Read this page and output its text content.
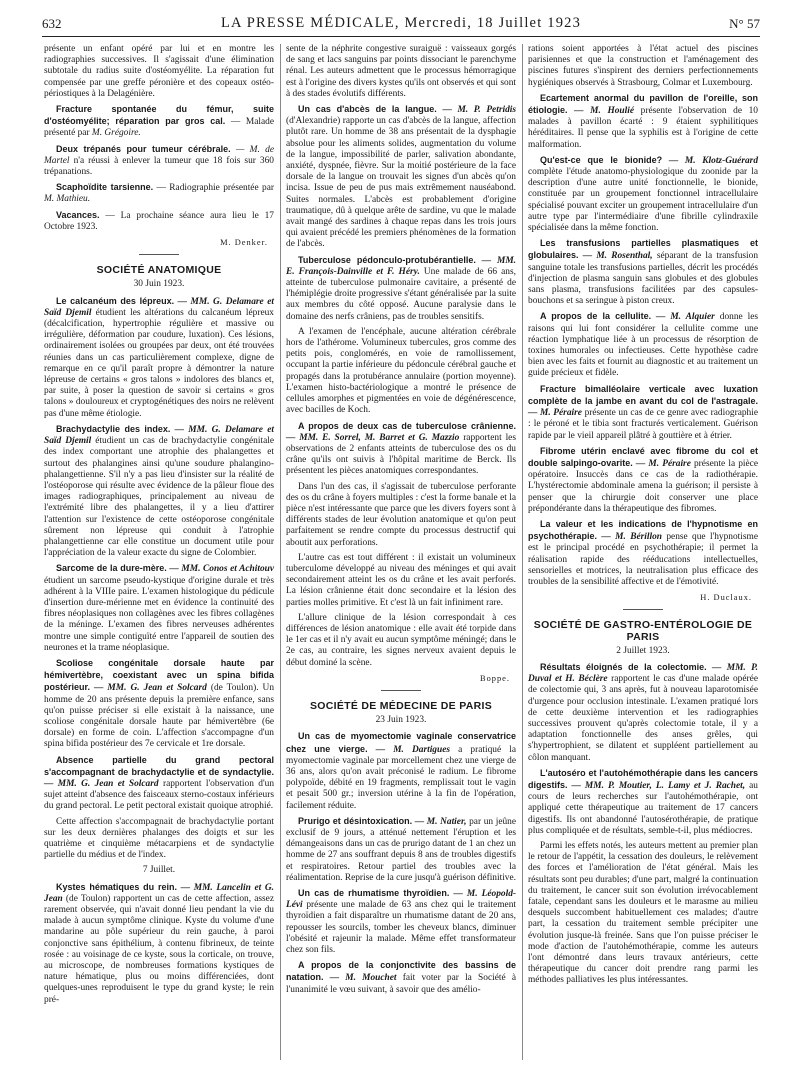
632	LA PRESSE MÉDICALE, Mercredi, 18 Juillet 1923	N° 57

présente un enfant opéré par lui et en montre les radiographies successives. Il s'agissait d'une élimination subtotale du radius suite d'ostéomyélite. La réparation fut compensée par une greffe péronière et des copeaux ostéo-périostiques à la Delagénière.

Fracture spontanée du fémur, suite d'ostéomyélite; réparation par gros cal. — Malade présenté par M. Grégoire.

Deux trépanés pour tumeur cérébrale. — M. de Martel n'a réussi à enlever la tumeur que 18 fois sur 360 trépanations.

Scaphoïdite tarsienne. — Radiographie présentée par M. Mathieu.

Vacances. — La prochaine séance aura lieu le 17 Octobre 1923.

M. Denker.
SOCIÉTÉ ANATOMIQUE
30 Juin 1923.

Le calcanéum des lépreux. — MM. G. Delamare et Saïd Djemil étudient les altérations du calcanéum lépreux (décalcification, hypertrophie régulière et massive ou irrégulière, déformation par coudure, luxation). Ces lésions, ordinairement isolées ou groupées par deux, ont été trouvées réunies dans un cas particulièrement complexe, digne de remarque en ce qu'il paraît propre à démontrer la nature lépreuse de certains « gros talons » indolores des blancs et, par suite, à poser la question de savoir si certains « gros talons » douloureux et cryptogénétiques des noirs ne relèvent pas d'une même étiologie.

Brachydactylie des index. — MM. G. Delamare et Saïd Djemil étudient un cas de brachydactylie congénitale des index comportant une atrophie des phalangettes et surtout des phalangines ainsi qu'une soudure phalangino-phalangettienne. S'il n'y a pas lieu d'insister sur la réalité de l'ostéoporose qui résulte avec évidence de la pâleur floue des images radiographiques, principalement au niveau de l'extrémité libre des phalangettes, il y a lieu d'attirer l'attention sur l'existence de cette ostéoporose congénitale sûrement non lépreuse qui conduit à l'atrophie phalangettienne car elle constitue un document utile pour l'appréciation de la valeur exacte du signe de Colombier.

Sarcome de la dure-mère. — MM. Conos et Achitouv étudient un sarcome pseudo-kystique d'origine durale et très adhérent à la VIIIe paire. L'examen histologique du pédicule d'insertion dure-mérienne met en évidence la continuité des fibres néoplasiques non collagènes avec les fibres collagènes de la méninge. L'examen des fibres nerveuses adhérentes montre une simple contiguïté entre l'appareil de soutien des neurones et la trame néoplasique.

Scoliose congénitale dorsale haute par hémivertèbre, coexistant avec un spina bifida postérieur. — MM. G. Jean et Solcard (de Toulon). Un homme de 20 ans présente depuis la première enfance, sans qu'on puisse préciser si elle existait à la naissance, une scoliose congénitale dorsale haute par hémivertèbre (6e dorsale) en forme de coin. L'affection s'accompagne d'un spina bifida postérieur des 7e cervicale et 1re dorsale.

Absence partielle du grand pectoral s'accompagnant de brachydactylie et de syndactylie. — MM. G. Jean et Solcard rapportent l'observation d'un sujet atteint d'absence des faisceaux sterno-costaux inférieurs du grand pectoral. Le petit pectoral existait quoique atrophié.

Cette affection s'accompagnait de brachydactylie portant sur les deux dernières phalanges des doigts et sur les quatrième et cinquième métacarpiens et de syndactylie partielle du médius et de l'index.

7 Juillet.

Kystes hématiques du rein. — MM. Lancelin et G. Jean (de Toulon) rapportent un cas de cette affection, assez rarement observée, qui n'avait donné lieu pendant la vie du malade à aucun symptôme clinique. Kyste du volume d'une mandarine au pôle supérieur du rein gauche, à paroi conjonctive sans épithélium, à contenu fibrineux, de teinte rosée : au voisinage de ce kyste, sous la corticale, on trouve, au microscope, de nombreuses formations kystiques de nature hématique, plus ou moins différenciées, dont quelques-unes reproduisent le type du grand kyste; le rein pré-

sente de la néphrite congestive suraiguë : vaisseaux gorgés de sang et lacs sanguins par points dissociant le parenchyme rénal. Les auteurs admettent que le processus hémorragique est à l'origine des divers kystes qu'ils ont observés et qui sont à des stades évolutifs différents.

Un cas d'abcès de la langue. — M. P. Petridis (d'Alexandrie) rapporte un cas d'abcès de la langue, affection plutôt rare. Un homme de 38 ans présentait de la dysphagie absolue pour les aliments solides, augmentation du volume de la langue, impossibilité de parler, salivation abondante, anxiété, dyspnée, fièvre. Sur la moitié postérieure de la face dorsale de la langue on trouvait les signes d'un abcès qu'on incisa. Issue de peu de pus mais extrêmement nauséabond. Suites normales. L'abcès est probablement d'origine traumatique, dû à quelque arête de sardine, vu que le malade avait mangé des sardines à chaque repas dans les trois jours qui avaient précédé les premiers phénomènes de la formation de l'abcès.

Tuberculose pédonculo-protubérantielle. — MM. E. François-Dainville et F. Héry. Une malade de 66 ans, atteinte de tuberculose pulmonaire cavitaire, a présenté de l'hémiplégie droite progressive s'étant généralisée par la suite aux membres du côté opposé. Aucune paralysie dans le domaine des nerfs crâniens, pas de troubles sensitifs.

A l'examen de l'encéphale, aucune altération cérébrale hors de l'athérome. Volumineux tubercules, gros comme des petits pois, conglomérés, en voie de ramollissement, occupant la partie inférieure du pédoncule cérébral gauche et propagés dans la protubérance annulaire (portion moyenne). L'examen histo-bactériologique a montré le présence de cellules amorphes et pigmentées en voie de dégénérescence, avec bacilles de Koch.

A propos de deux cas de tuberculose crânienne. — MM. E. Sorrel, M. Barret et G. Mazzio rapportent les observations de 2 enfants atteints de tuberculose des os du crâne qu'ils ont suivis à l'hôpital maritime de Berck. Ils présentent les pièces anatomiques correspondantes.

Dans l'un des cas, il s'agissait de tuberculose perforante des os du crâne à foyers multiples : c'est la forme banale et la pièce n'est intéressante que parce que les divers foyers sont à différents stades de leur évolution anatomique et qu'on peut parfaitement se rendre compte du processus destructif qui aboutit aux perforations.

L'autre cas est tout différent : il existait un volumineux tuberculome développé au niveau des méninges et qui avait secondairement atteint les os du crâne et les avait perforés. La lésion crânienne était donc secondaire et la lésion des parties molles primitive. Et c'est là un fait infiniment rare.

L'allure clinique de la lésion correspondait à ces différences de lésion anatomique : elle avait été torpide dans le 1er cas et il n'y avait eu aucun symptôme méningé; dans le 2e cas, au contraire, les signes nerveux avaient depuis le début dominé la scène.

Boppe.
SOCIÉTÉ DE MÉDECINE DE PARIS
23 Juin 1923.

Un cas de myomectomie vaginale conservatrice chez une vierge. — M. Dartigues a pratiqué la myomectomie vaginale par morcellement chez une vierge de 36 ans, alors qu'on avait préconisé le radium. Le fibrome polypoïde, débité en 19 fragments, remplissait tout le vagin et pesait 500 gr.; inversion utérine à la fin de l'opération, facilement réduite.

Prurigo et désintoxication. — M. Natier, par un jeûne exclusif de 9 jours, a atténué nettement l'éruption et les démangeaisons dans un cas de prurigo datant de 1 an chez un homme de 27 ans souffrant depuis 8 ans de troubles digestifs et respiratoires. Retour partiel des troubles avec la réalimentation. Reprise de la cure jusqu'à guérison définitive.

Un cas de rhumatisme thyroïdien. — M. Léopold-Lévi présente une malade de 63 ans chez qui le traitement thyroïdien a fait disparaître un rhumatisme datant de 20 ans, repousser les sourcils, tomber les cheveux blancs, diminuer l'obésité et rajeunir la malade. Même effet transformateur chez son fils.

A propos de la conjonctivite des bassins de natation. — M. Mouchet fait voter par la Société à l'unanimité le vœu suivant, à savoir que des amélio-

rations soient apportées à l'état actuel des piscines parisiennes et que la construction et l'aménagement des piscines futures s'inspirent des derniers perfectionnements hygiéniques observés à Strasbourg, Colmar et Luxembourg.

Ecartement anormal du pavillon de l'oreille, son étiologie. — M. Houlié présente l'observation de 10 malades à pavillon écarté : 9 étaient syphilitiques héréditaires. Il pense que la syphilis est à l'origine de cette malformation.

Qu'est-ce que le bionide? — M. Klotz-Guérard complète l'étude anatomo-physiologique du zoonide par la description d'une autre unité fonctionnelle, le bionide, constituée par un groupement fonctionnel intracellulaire spécialisé pouvant exciter un groupement intracellulaire d'un autre type par l'intermédiaire d'une fibrille cylindraxile spécialisée dans la même fonction.

Les transfusions partielles plasmatiques et globulaires. — M. Rosenthal, séparant de la transfusion sanguine totale les transfusions partielles, décrit les procédés d'injection de plasma sanguin sans globules et des globules sans plasma, transfusions facilitées par des capsules-bouchons et sa seringue à piston creux.

A propos de la cellulite. — M. Alquier donne les raisons qui lui font considérer la cellulite comme une réaction lymphatique liée à un processus de résorption de toxines humorales ou infectieuses. Cette hypothèse cadre bien avec les faits et fournit au diagnostic et au traitement un guide précieux et fidèle.

Fracture bimalléolaire verticale avec luxation complète de la jambe en avant du col de l'astragale. — M. Péraire présente un cas de ce genre avec radiographie : le péroné et le tibia sont fracturés verticalement. Guérison rapide par le vieil appareil plâtré à gouttière et à étrier.

Fibrome utérin enclavé avec fibrome du col et double salpingo-ovarite. — M. Péraire présente la pièce opératoire. Insuccès dans ce cas de la radiothérapie. L'hystérectomie abdominale amena la guérison; il persiste à penser que la chirurgie doit conserver une place prépondérante dans la thérapeutique des fibromes.

La valeur et les indications de l'hypnotisme en psychothérapie. — M. Bérillon pense que l'hypnotisme est le principal procédé en psychothérapie; il permet la réalisation rapide des rééducations intellectuelles, sensorielles et motrices, la neutralisation plus efficace des troubles de la sensibilité affective et de l'émotivité.

H. Duclaux.
SOCIÉTÉ DE GASTRO-ENTÉROLOGIE DE PARIS
2 Juillet 1923.

Résultats éloignés de la colectomie. — MM. P. Duval et H. Béclère rapportent le cas d'une malade opérée de colectomie qui, 3 ans après, fut à nouveau laparotomisée d'urgence pour occlusion intestinale. L'examen pratiqué lors de cette deuxième intervention et les radiographies successives prouvent qu'après colectomie totale, il y a adaptation fonctionnelle des anses grêles, qui s'hypertrophient, se dilatent et suppléent partiellement au côlon manquant.

L'autoséro et l'autohémothérapie dans les cancers digestifs. — MM. P. Moutier, L. Lamy et J. Rachet, au cours de leurs recherches sur l'autohémothérapie, ont appliqué cette thérapeutique au traitement de 17 cancers digestifs. Ils ont abandonné l'autosérothérapie, de pratique plus compliquée et de résultats, semble-t-il, plus médiocres.

Parmi les effets notés, les auteurs mettent au premier plan le retour de l'appétit, la cessation des douleurs, le relèvement des forces et l'amélioration de l'état général. Mais les résultats sont peu durables; d'une part, malgré la continuation du traitement, le cancer suit son évolution irrévocablement fatale, cependant sans les douleurs et le marasme au milieu desquels succombent habituellement ces malades; d'autre part, la cessation du traitement semble précipiter une évolution jusque-là freinée. Sans que l'on puisse préciser le mode d'action de l'autohémothérapie, comme les auteurs l'ont démontré dans leurs travaux antérieurs, cette thérapeutique du cancer doit prendre rang parmi les méthodes palliatives les plus intéressantes.
